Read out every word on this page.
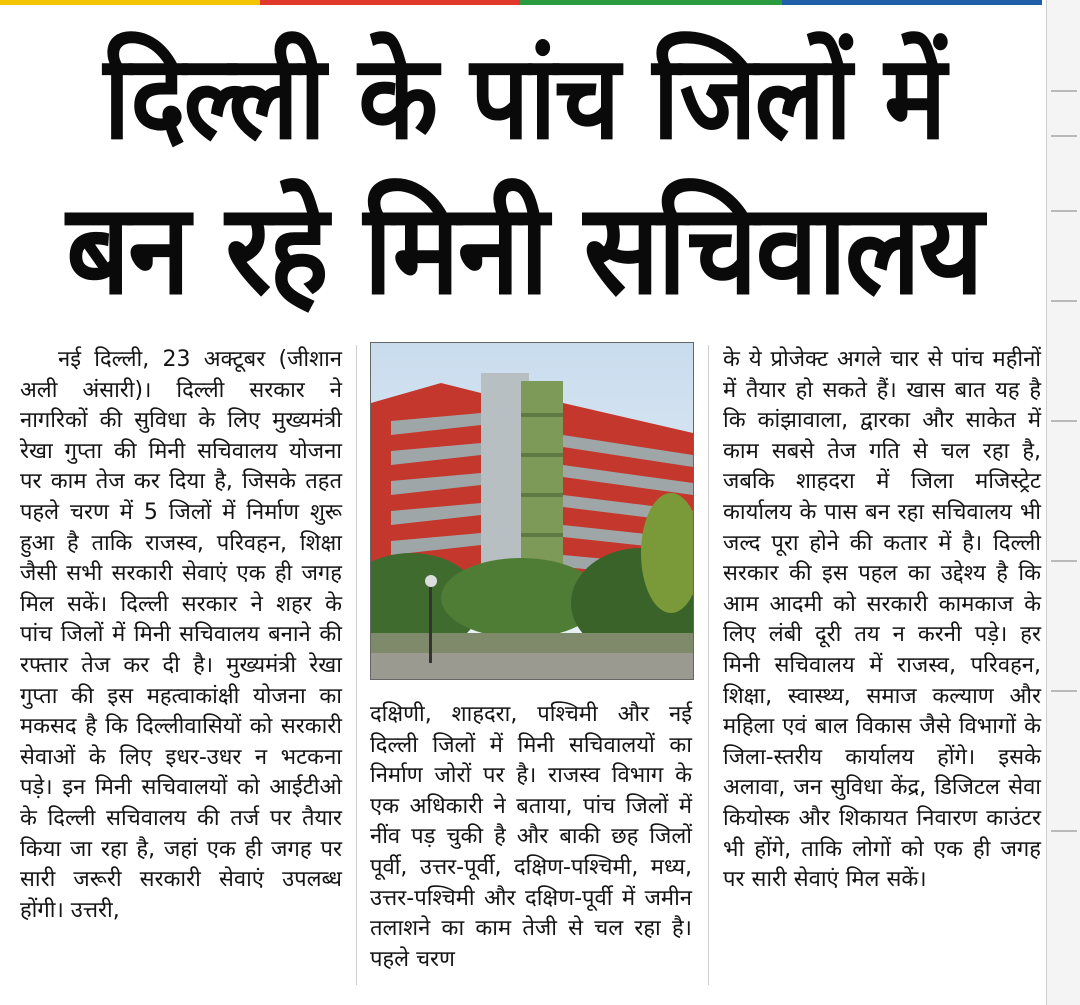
दिल्ली के पांच जिलों में
बन रहे मिनी सचिवालय

नई दिल्ली, 23 अक्टूबर (जीशान अली अंसारी)। दिल्ली सरकार ने नागरिकों की सुविधा के लिए मुख्यमंत्री रेखा गुप्ता की मिनी सचिवालय योजना पर काम तेज कर दिया है, जिसके तहत पहले चरण में 5 जिलों में निर्माण शुरू हुआ है ताकि राजस्व, परिवहन, शिक्षा जैसी सभी सरकारी सेवाएं एक ही जगह मिल सकें। दिल्ली सरकार ने शहर के पांच जिलों में मिनी सचिवालय बनाने की रफ्तार तेज कर दी है। मुख्यमंत्री रेखा गुप्ता की इस महत्वाकांक्षी योजना का मकसद है कि दिल्लीवासियों को सरकारी सेवाओं के लिए इधर-उधर न भटकना पड़े। इन मिनी सचिवालयों को आईटीओ के दिल्ली सचिवालय की तर्ज पर तैयार किया जा रहा है, जहां एक ही जगह पर सारी जरूरी सरकारी सेवाएं उपलब्ध होंगी। उत्तरी,

दक्षिणी, शाहदरा, पश्चिमी और नई दिल्ली जिलों में मिनी सचिवालयों का निर्माण जोरों पर है। राजस्व विभाग के एक अधिकारी ने बताया, पांच जिलों में नींव पड़ चुकी है और बाकी छह जिलों पूर्वी, उत्तर-पूर्वी, दक्षिण-पश्चिमी, मध्य, उत्तर-पश्चिमी और दक्षिण-पूर्वी में जमीन तलाशने का काम तेजी से चल रहा है। पहले चरण

के ये प्रोजेक्ट अगले चार से पांच महीनों में तैयार हो सकते हैं। खास बात यह है कि कांझावाला, द्वारका और साकेत में काम सबसे तेज गति से चल रहा है, जबकि शाहदरा में जिला मजिस्ट्रेट कार्यालय के पास बन रहा सचिवालय भी जल्द पूरा होने की कतार में है। दिल्ली सरकार की इस पहल का उद्देश्य है कि आम आदमी को सरकारी कामकाज के लिए लंबी दूरी तय न करनी पड़े। हर मिनी सचिवालय में राजस्व, परिवहन, शिक्षा, स्वास्थ्य, समाज कल्याण और महिला एवं बाल विकास जैसे विभागों के जिला-स्तरीय कार्यालय होंगे। इसके अलावा, जन सुविधा केंद्र, डिजिटल सेवा कियोस्क और शिकायत निवारण काउंटर भी होंगे, ताकि लोगों को एक ही जगह पर सारी सेवाएं मिल सकें।
